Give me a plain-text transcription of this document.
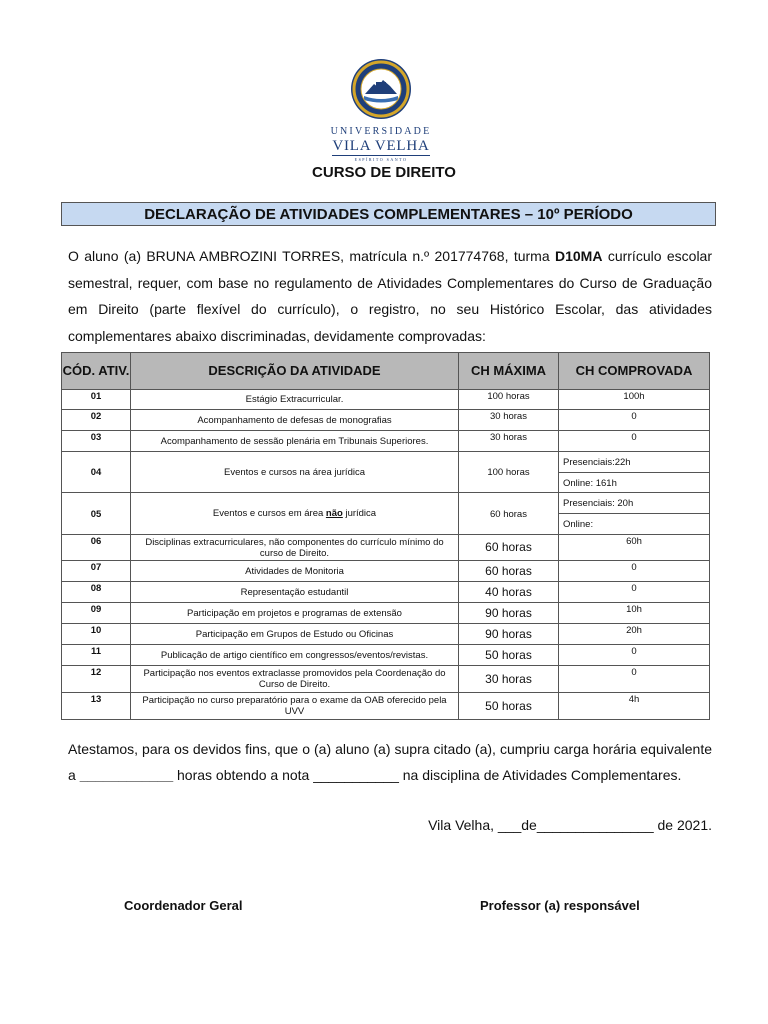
UNIVERSIDADE
VILA VELHA
ESPÍRITO SANTO
CURSO DE DIREITO
DECLARAÇÃO DE ATIVIDADES COMPLEMENTARES – 10º PERÍODO
O aluno (a) BRUNA AMBROZINI TORRES, matrícula n.º 201774768, turma D10MA currículo escolar semestral, requer, com base no regulamento de Atividades Complementares do Curso de Graduação em Direito (parte flexível do currículo), o registro, no seu Histórico Escolar, das atividades complementares abaixo discriminadas, devidamente comprovadas:
CÓD. ATIV.	DESCRIÇÃO DA ATIVIDADE	CH MÁXIMA	CH COMPROVADA
01	Estágio Extracurricular.	100 horas	100h
02	Acompanhamento de defesas de monografias	30 horas	0
03	Acompanhamento de sessão plenária em Tribunais Superiores.	30 horas	0
04	Eventos e cursos na área jurídica	100 horas	Presenciais:22h
			Online: 161h
05	Eventos e cursos em área não jurídica	60 horas	Presenciais: 20h
			Online:
06	Disciplinas extracurriculares, não componentes do currículo mínimo do curso de Direito.	60 horas	60h
07	Atividades de Monitoria	60 horas	0
08	Representação estudantil	40 horas	0
09	Participação em projetos e programas de extensão	90 horas	10h
10	Participação em Grupos de Estudo ou Oficinas	90 horas	20h
11	Publicação de artigo científico em congressos/eventos/revistas.	50 horas	0
12	Participação nos eventos extraclasse promovidos pela Coordenação do Curso de Direito.	30 horas	0
13	Participação no curso preparatório para o exame da OAB oferecido pela UVV	50 horas	4h
Atestamos, para os devidos fins, que o (a) aluno (a) supra citado (a), cumpriu carga horária equivalente a ____________ horas obtendo a nota ___________ na disciplina de Atividades Complementares.
Vila Velha, ___de_______________ de 2021.
Coordenador Geral	Professor (a) responsável
